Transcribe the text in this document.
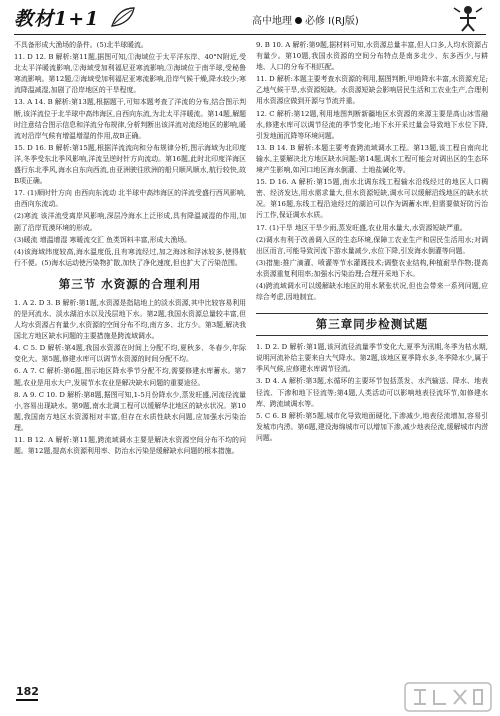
教材1+1	高中地理 必修 I(RJ版)

不具备形成大渔场的条件。(5)北半球暖流。

11. D 12. B 解析:第11题,据图可知,①海域位于太平洋东岸、40°N附近,受北太平洋暖流影响,②海域受加利福尼亚寒流影响,③海域位于南半球,受秘鲁寒流影响。第12题,②海域受加利福尼亚寒流影响,沿岸气候干燥,降水较少;寒流降温减湿,加剧了沿岸地区的干旱程度。

13. A 14. B 解析:第13题,根据题干,可知本题考查了洋流的分布,结合图示判断,该洋流位于北半球中高纬海区,自西向东流,为北太平洋暖流。第14题,解题时注意结合图示信息和洋流分布规律,分析判断出该洋流对流经地区的影响,暖流对沿岸气候有增温增湿的作用,故B正确。

15. D 16. B 解析:第15题,根据洋流流向和分布规律分析,图示海域为北印度洋,冬季受东北季风影响,洋流呈逆时针方向流动。第16题,此时北印度洋海区盛行东北季风,海水自东向西流,由亚洲驶往欧洲的船只顺风顺水,航行较快,故B项正确。

17. (1)顺时针方向 由西向东流动 北半球中高纬海区的洋流受盛行西风影响,由西向东流动。

(2)寒流 该洋流受离岸风影响,深层冷海水上泛形成,具有降温减湿的作用,加剧了沿岸荒漠环境的形成。

(3)暖流 增温增湿 寒暖流交汇 鱼类饵料丰富,形成大渔场。

(4)该海域纬度较高,海水温度低,且有寒流经过,加之海冰和浮冰较多,使得航行不便。(5)海水运动使污染物扩散,加快了净化速度,但也扩大了污染范围。

第三节 水资源的合理利用

1. A 2. D 3. B 解析:第1题,水资源是指陆地上的淡水资源,其中比较容易利用的是河流水、淡水湖泊水以及浅层地下水。第2题,我国水资源总量较丰富,但人均水资源占有量少,水资源的空间分布不均,南方多、北方少。第3题,解决我国北方地区缺水问题的主要措施是跨流域调水。

4. C 5. D 解析:第4题,我国水资源在时间上分配不均,夏秋多、冬春少,年际变化大。第5题,修建水库可以调节水资源的时间分配不均。

6. A 7. C 解析:第6题,图示地区降水季节分配不均,需要修建水库蓄水。第7题,农业是用水大户,发展节水农业是解决缺水问题的重要途径。

8. A 9. C 10. D 解析:第8题,据图可知,1-5月份降水少,蒸发旺盛,河流径流量小,容易出现缺水。第9题,南水北调工程可以缓解华北地区的缺水状况。第10题,我国南方地区水资源相对丰富,但存在水质性缺水问题,应加强水污染治理。

11. B 12. A 解析:第11题,跨流域调水主要是解决水资源空间分布不均的问题。第12题,提高水资源利用率、防治水污染是缓解缺水问题的根本措施。

9. B 10. A 解析:第9题,据材料可知,水资源总量丰富,但人口多,人均水资源占有量少。第10题,我国水资源的空间分布特点是南多北少、东多西少,与耕地、人口的分布不相匹配。

11. D 解析:本题主要考查水资源的利用,据图判断,甲地降水丰富,水资源充足;乙地气候干旱,水资源短缺。水资源短缺会影响居民生活和工农业生产,合理利用水资源应做到开源与节流并重。

12. C 解析:第12题,利用地图判断新疆地区水资源的来源主要是高山冰雪融水,修建水库可以调节径流的季节变化;地下水开采过量会导致地下水位下降,引发地面沉降等环境问题。

13. B 14. B 解析:本题主要考查跨流域调水工程。第13题,该工程自南向北输水,主要解决北方地区缺水问题;第14题,调水工程可能会对调出区的生态环境产生影响,如河口地区海水倒灌、土地盐碱化等。

15. D 16. A 解析:第15题,南水北调东线工程输水沿线经过的地区人口稠密、经济发达,用水需求量大,但水资源短缺,调水可以缓解沿线地区的缺水状况。第16题,东线工程沿途经过的湖泊可以作为调蓄水库,但需要做好防污治污工作,保证调水水质。

17. (1)干旱 地区干旱少雨,蒸发旺盛,农业用水量大,水资源短缺严重。

(2)调水有利于改善调入区的生态环境,保障工农业生产和居民生活用水;对调出区而言,可能导致河流下游水量减少,水位下降,引发海水倒灌等问题。

(3)措施:推广滴灌、喷灌等节水灌溉技术;调整农业结构,种植耐旱作物;提高水资源重复利用率;加强水污染治理;合理开采地下水。

(4)跨流域调水可以缓解缺水地区的用水紧张状况,但也会带来一系列问题,应综合考虑,因地制宜。

第三章同步检测试题

1. D 2. D 解析:第1题,该河流径流量季节变化大,夏季为汛期,冬季为枯水期,说明河流补给主要来自大气降水。第2题,该地区夏季降水多,冬季降水少,属于季风气候,应修建水库调节径流。

3. D 4. A 解析:第3题,水循环的主要环节包括蒸发、水汽输送、降水、地表径流、下渗和地下径流等;第4题,人类活动可以影响地表径流环节,如修建水库、跨流域调水等。

5. C 6. B 解析:第5题,城市化导致地面硬化,下渗减少,地表径流增加,容易引发城市内涝。第6题,建设海绵城市可以增加下渗,减少地表径流,缓解城市内涝问题。

182
